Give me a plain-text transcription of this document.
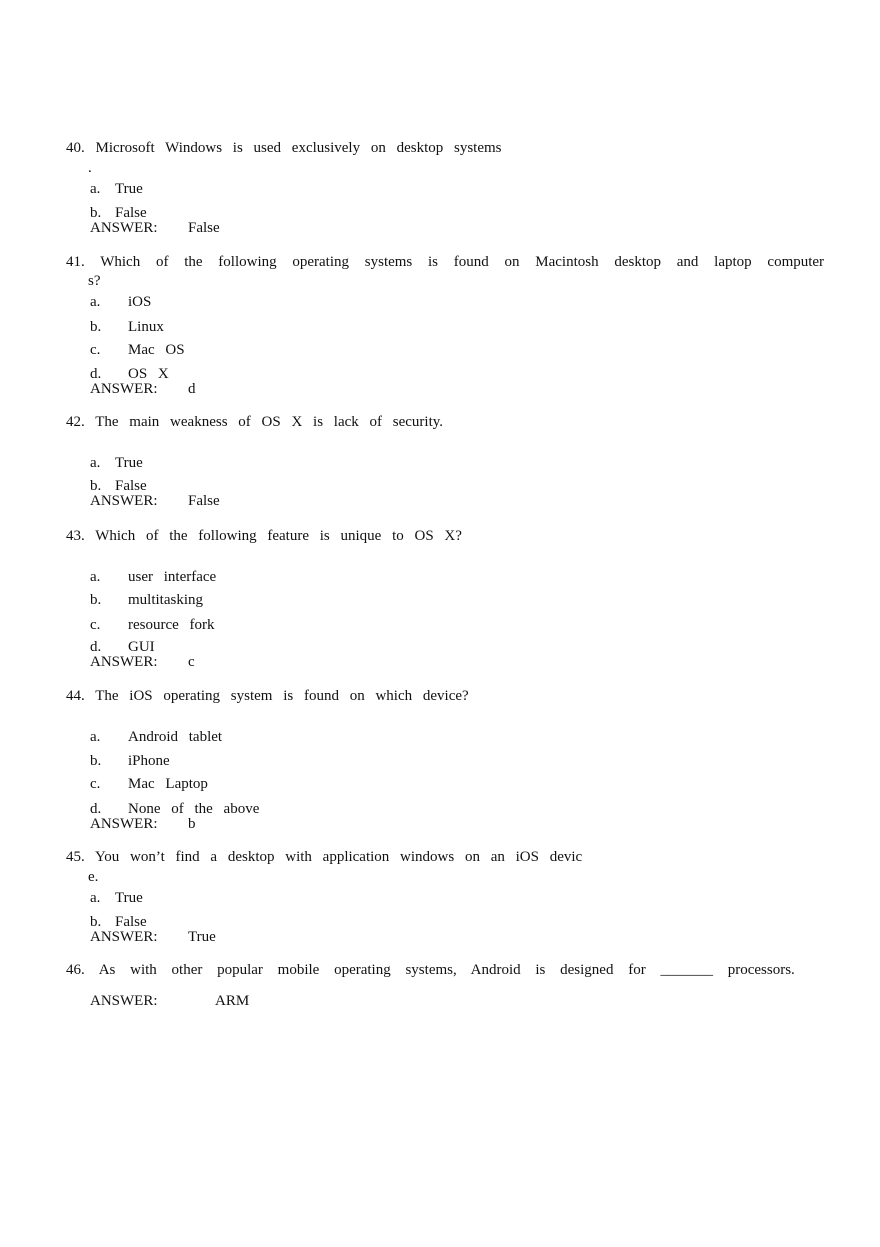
40. Microsoft Windows is used exclusively on desktop systems
.
a. True
b. False
ANSWER: False
41. Which of the following operating systems is found on Macintosh desktop and laptop computer
s?
a. iOS
b. Linux
c. Mac OS
d. OS X
ANSWER: d
42. The main weakness of OS X is lack of security.
a. True
b. False
ANSWER: False
43. Which of the following feature is unique to OS X?
a. user interface
b. multitasking
c. resource fork
d. GUI
ANSWER: c
44. The iOS operating system is found on which device?
a. Android tablet
b. iPhone
c. Mac Laptop
d. None of the above
ANSWER: b
45. You won’t find a desktop with application windows on an iOS devic
e.
a. True
b. False
ANSWER: True
46. As with other popular mobile operating systems, Android is designed for _______ processors.
ANSWER:	ARM
